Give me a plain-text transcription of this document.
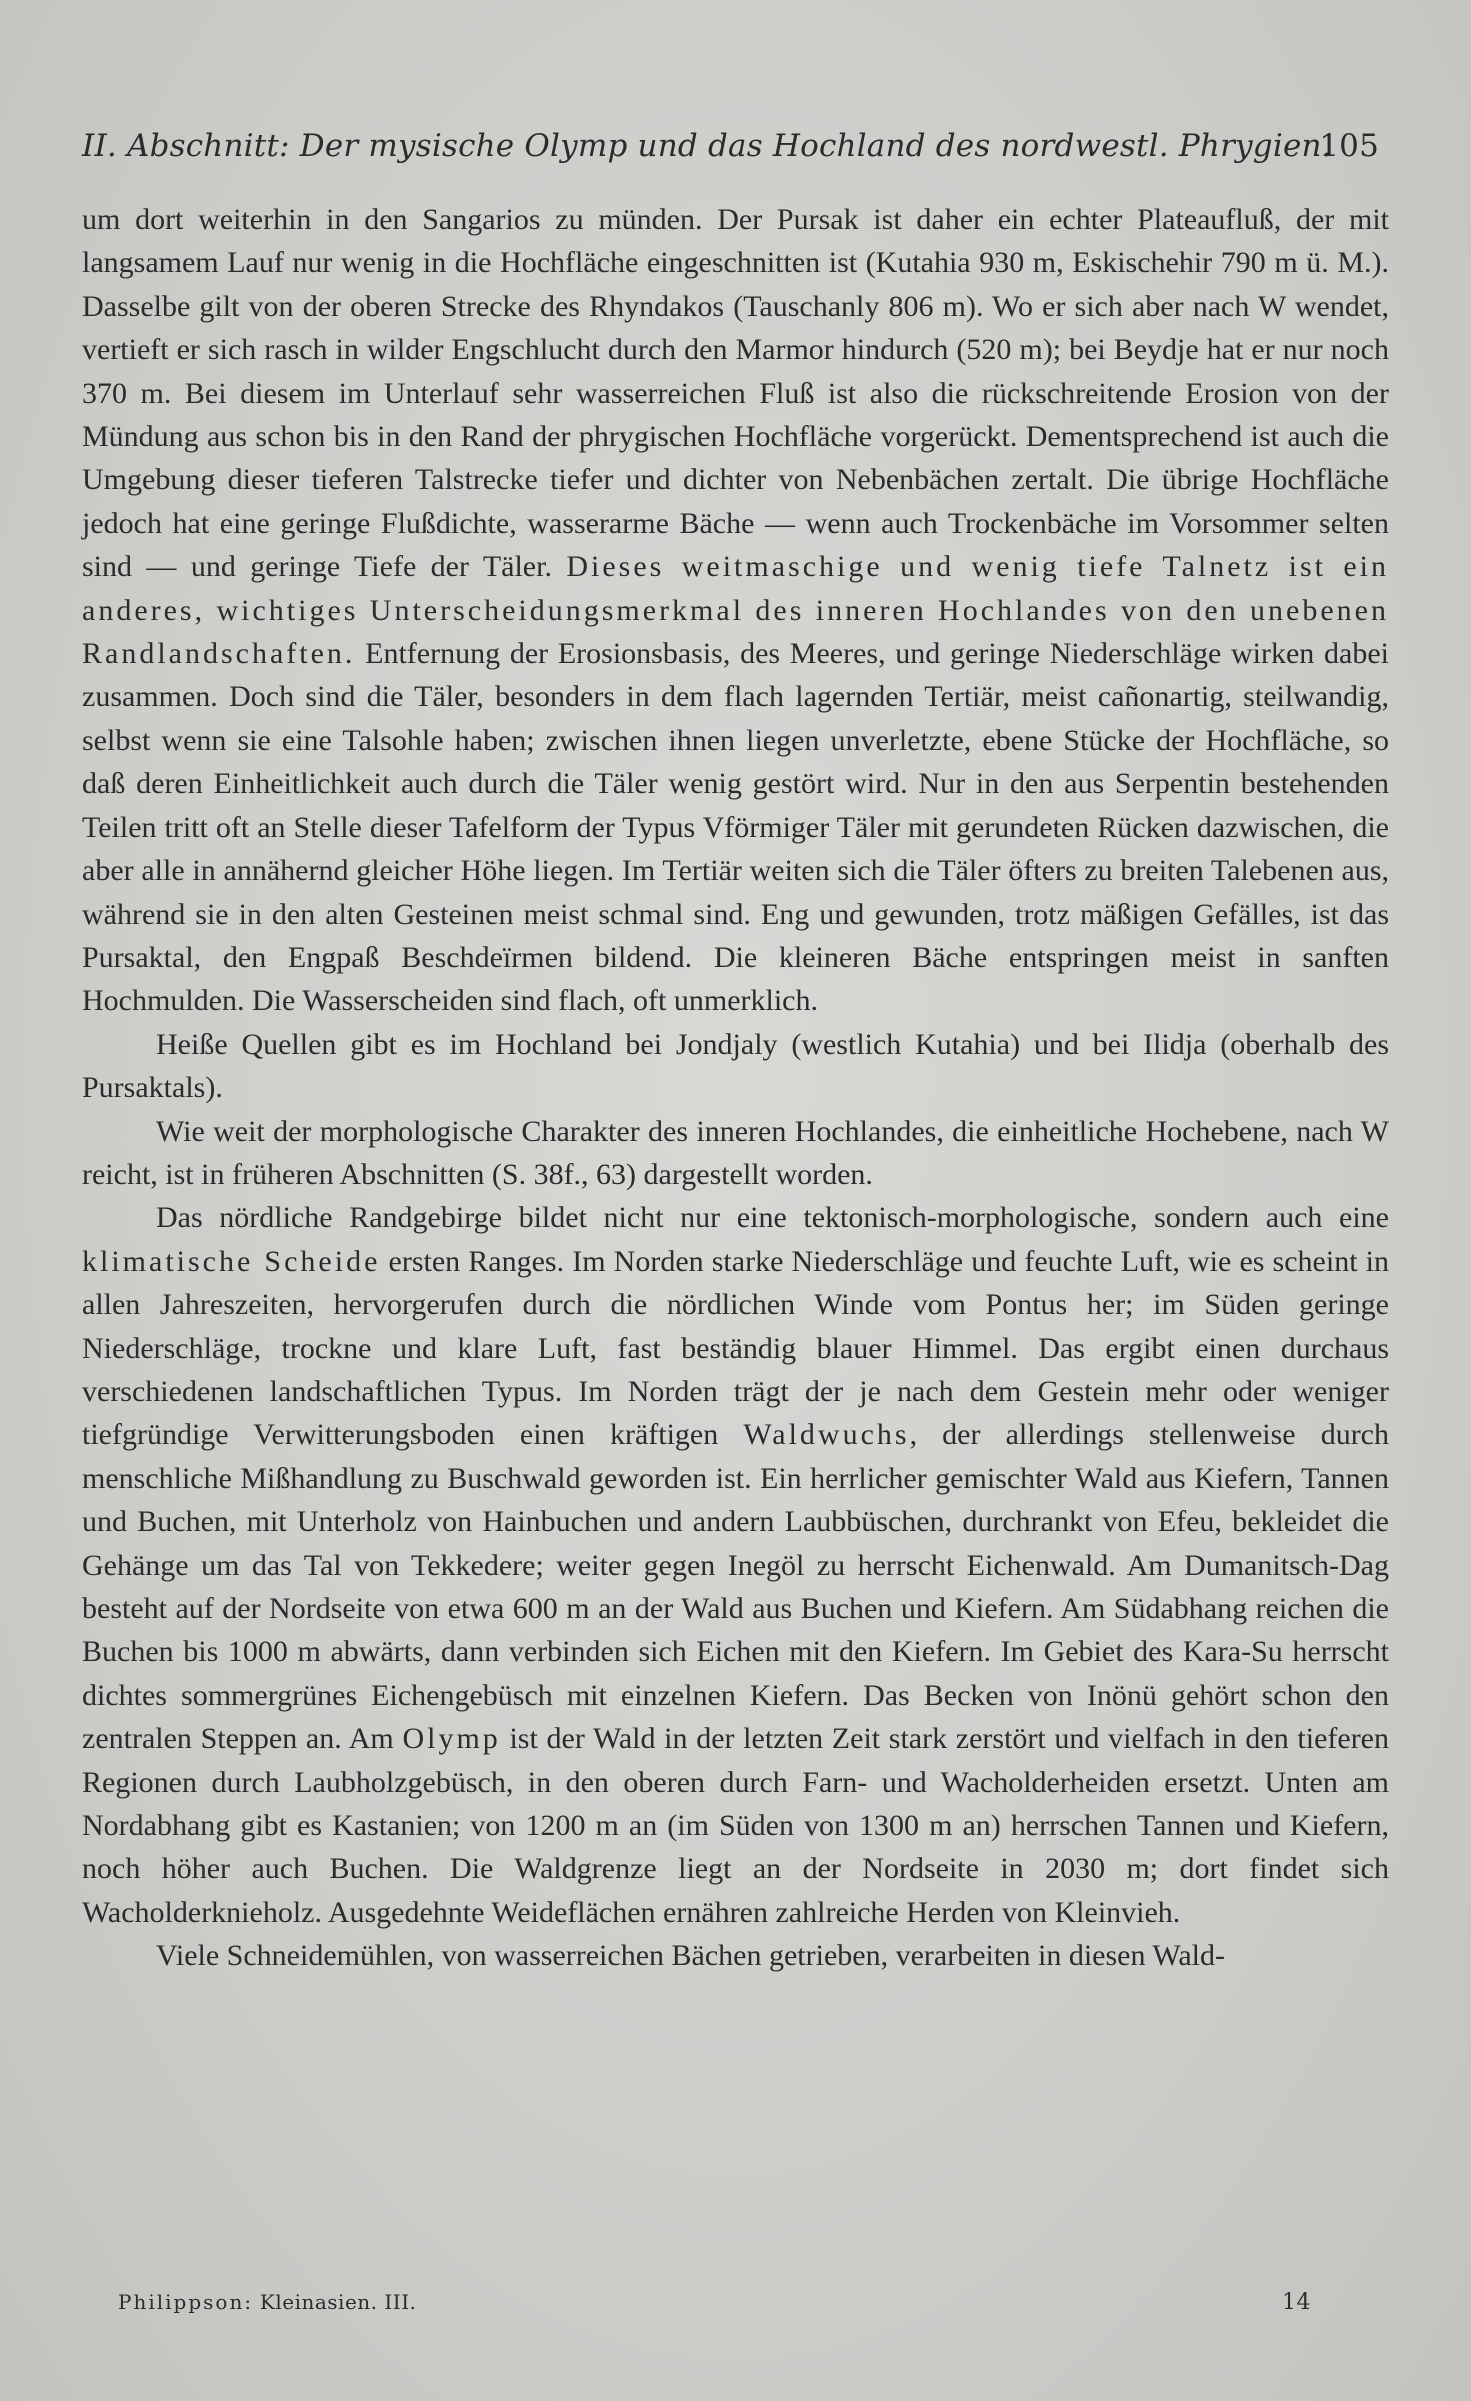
II. Abschnitt: Der mysische Olymp und das Hochland des nordwestl. Phrygien.
105

um dort weiterhin in den Sangarios zu münden. Der Pursak ist daher ein echter Plateaufluß, der mit langsamem Lauf nur wenig in die Hochfläche eingeschnitten ist (Kutahia 930 m, Eskischehir 790 m ü. M.). Dasselbe gilt von der oberen Strecke des Rhyndakos (Tauschanly 806 m). Wo er sich aber nach W wendet, vertieft er sich rasch in wilder Engschlucht durch den Marmor hindurch (520 m); bei Beydje hat er nur noch 370 m. Bei diesem im Unterlauf sehr wasserreichen Fluß ist also die rückschreitende Erosion von der Mündung aus schon bis in den Rand der phrygischen Hochfläche vorgerückt. Dementsprechend ist auch die Umgebung dieser tieferen Talstrecke tiefer und dichter von Nebenbächen zertalt. Die übrige Hochfläche jedoch hat eine geringe Flußdichte, wasserarme Bäche — wenn auch Trockenbäche im Vorsommer selten sind — und geringe Tiefe der Täler. Dieses weitmaschige und wenig tiefe Talnetz ist ein anderes, wichtiges Unterscheidungsmerkmal des inneren Hochlandes von den unebenen Randlandschaften. Entfernung der Erosionsbasis, des Meeres, und geringe Niederschläge wirken dabei zusammen. Doch sind die Täler, besonders in dem flach lagernden Tertiär, meist cañonartig, steilwandig, selbst wenn sie eine Talsohle haben; zwischen ihnen liegen unverletzte, ebene Stücke der Hochfläche, so daß deren Einheitlichkeit auch durch die Täler wenig gestört wird. Nur in den aus Serpentin bestehenden Teilen tritt oft an Stelle dieser Tafelform der Typus Vförmiger Täler mit gerundeten Rücken dazwischen, die aber alle in annähernd gleicher Höhe liegen. Im Tertiär weiten sich die Täler öfters zu breiten Talebenen aus, während sie in den alten Gesteinen meist schmal sind. Eng und gewunden, trotz mäßigen Gefälles, ist das Pursaktal, den Engpaß Beschdeïrmen bildend. Die kleineren Bäche entspringen meist in sanften Hochmulden. Die Wasserscheiden sind flach, oft unmerklich.

Heiße Quellen gibt es im Hochland bei Jondjaly (westlich Kutahia) und bei Ilidja (oberhalb des Pursaktals).

Wie weit der morphologische Charakter des inneren Hochlandes, die einheitliche Hochebene, nach W reicht, ist in früheren Abschnitten (S. 38f., 63) dargestellt worden.

Das nördliche Randgebirge bildet nicht nur eine tektonisch-morphologische, sondern auch eine klimatische Scheide ersten Ranges. Im Norden starke Niederschläge und feuchte Luft, wie es scheint in allen Jahreszeiten, hervorgerufen durch die nördlichen Winde vom Pontus her; im Süden geringe Niederschläge, trockne und klare Luft, fast beständig blauer Himmel. Das ergibt einen durchaus verschiedenen landschaftlichen Typus. Im Norden trägt der je nach dem Gestein mehr oder weniger tiefgründige Verwitterungsboden einen kräftigen Waldwuchs, der allerdings stellenweise durch menschliche Mißhandlung zu Buschwald geworden ist. Ein herrlicher gemischter Wald aus Kiefern, Tannen und Buchen, mit Unterholz von Hainbuchen und andern Laubbüschen, durchrankt von Efeu, bekleidet die Gehänge um das Tal von Tekkedere; weiter gegen Inegöl zu herrscht Eichenwald. Am Dumanitsch-Dag besteht auf der Nordseite von etwa 600 m an der Wald aus Buchen und Kiefern. Am Südabhang reichen die Buchen bis 1000 m abwärts, dann verbinden sich Eichen mit den Kiefern. Im Gebiet des Kara-Su herrscht dichtes sommergrünes Eichengebüsch mit einzelnen Kiefern. Das Becken von Inönü gehört schon den zentralen Steppen an. Am Olymp ist der Wald in der letzten Zeit stark zerstört und vielfach in den tieferen Regionen durch Laubholzgebüsch, in den oberen durch Farn- und Wacholderheiden ersetzt. Unten am Nordabhang gibt es Kastanien; von 1200 m an (im Süden von 1300 m an) herrschen Tannen und Kiefern, noch höher auch Buchen. Die Waldgrenze liegt an der Nordseite in 2030 m; dort findet sich Wacholderknieholz. Ausgedehnte Weideflächen ernähren zahlreiche Herden von Kleinvieh.

Viele Schneidemühlen, von wasserreichen Bächen getrieben, verarbeiten in diesen Wald-

Philippson: Kleinasien. III.	14
